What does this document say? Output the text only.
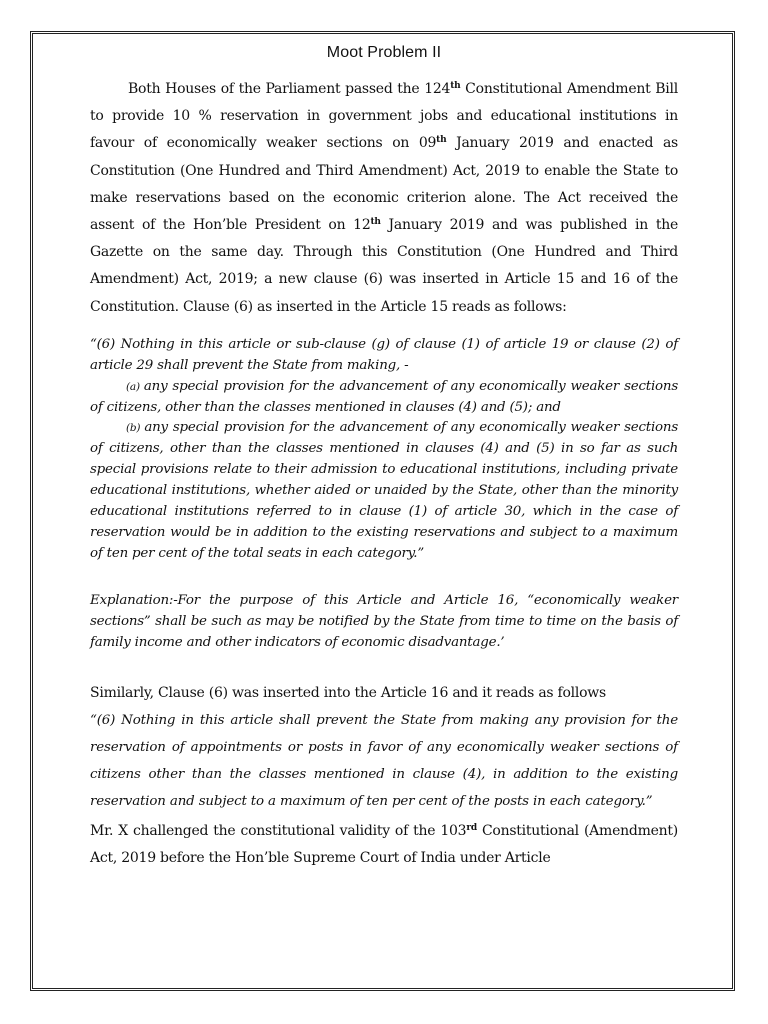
Moot Problem II

Both Houses of the Parliament passed the 124th Constitutional Amendment Bill to provide 10 % reservation in government jobs and educational institutions in favour of economically weaker sections on 09th January 2019 and enacted as Constitution (One Hundred and Third Amendment) Act, 2019 to enable the State to make reservations based on the economic criterion alone. The Act received the assent of the Hon’ble President on 12th January 2019 and was published in the Gazette on the same day. Through this Constitution (One Hundred and Third Amendment) Act, 2019; a new clause (6) was inserted in Article 15 and 16 of the Constitution. Clause (6) as inserted in the Article 15 reads as follows:

“(6) Nothing in this article or sub-clause (g) of clause (1) of article 19 or clause (2) of article 29 shall prevent the State from making, -

(a) any special provision for the advancement of any economically weaker sections of citizens, other than the classes mentioned in clauses (4) and (5); and

(b) any special provision for the advancement of any economically weaker sections of citizens, other than the classes mentioned in clauses (4) and (5) in so far as such special provisions relate to their admission to educational institutions, including private educational institutions, whether aided or unaided by the State, other than the minority educational institutions referred to in clause (1) of article 30, which in the case of reservation would be in addition to the existing reservations and subject to a maximum of ten per cent of the total seats in each category.”

Explanation:-For the purpose of this Article and Article 16, “economically weaker sections” shall be such as may be notified by the State from time to time on the basis of family income and other indicators of economic disadvantage.’

Similarly, Clause (6) was inserted into the Article 16 and it reads as follows

“(6) Nothing in this article shall prevent the State from making any provision for the reservation of appointments or posts in favor of any economically weaker sections of citizens other than the classes mentioned in clause (4), in addition to the existing reservation and subject to a maximum of ten per cent of the posts in each category.”

Mr. X challenged the constitutional validity of the 103rd Constitutional (Amendment) Act, 2019 before the Hon’ble Supreme Court of India under Article
